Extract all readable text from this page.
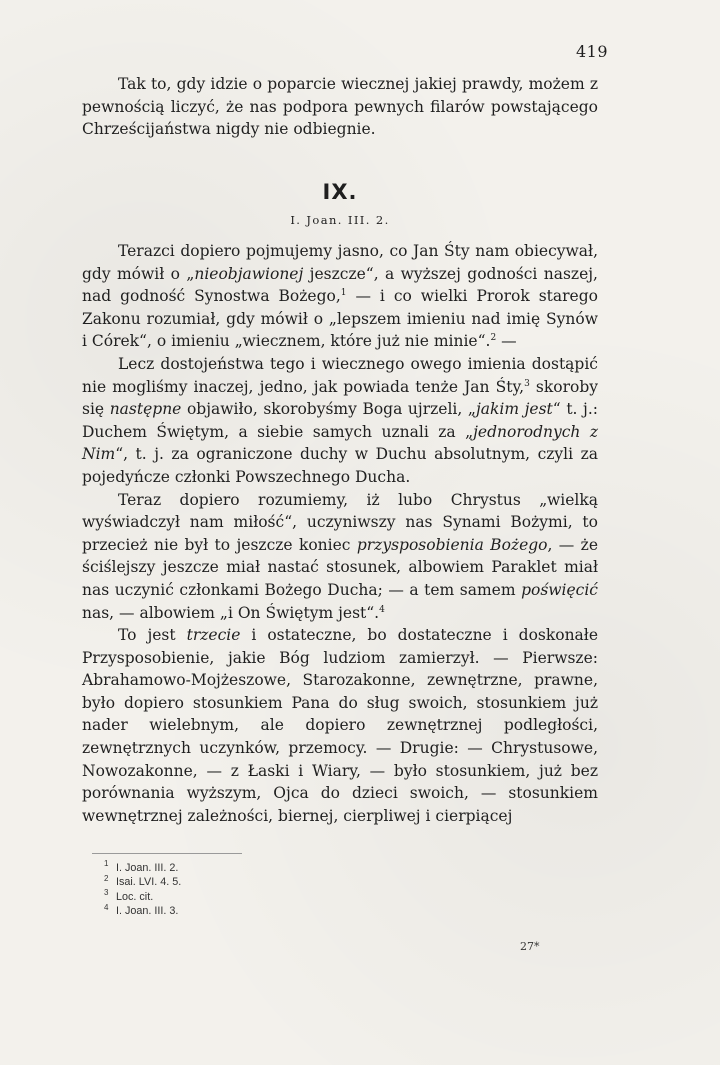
419

Tak to, gdy idzie o poparcie wiecznej jakiej prawdy, możem z pewnością liczyć, że nas podpora pewnych filarów powstającego Chrześcijaństwa nigdy nie odbiegnie.

IX.
I. Joan. III. 2.

Terazci dopiero pojmujemy jasno, co Jan Śty nam obiecywał, gdy mówił o „nieobjawionej jeszcze“, a wyższej godności naszej, nad godność Synostwa Bożego,$^1$ — i co wielki Prorok starego Zakonu rozumiał, gdy mówił o „lepszem imieniu nad imię Synów i Córek“, o imieniu „wiecznem, które już nie minie“.$^2$ —

Lecz dostojeństwa tego i wiecznego owego imienia dostąpić nie mogliśmy inaczej, jedno, jak powiada tenże Jan Śty,$^3$ skoroby się następne objawiło, skorobyśmy Boga ujrzeli, „jakim jest“ t. j.: Duchem Świętym, a siebie samych uznali za „jednorodnych z Nim“, t. j. za ograniczone duchy w Duchu absolutnym, czyli za pojedyńcze członki Powszechnego Ducha.

Teraz dopiero rozumiemy, iż lubo Chrystus „wielką wyświadczył nam miłość“, uczyniwszy nas Synami Bożymi, to przecież nie był to jeszcze koniec przysposobienia Bożego, — że ściślejszy jeszcze miał nastać stosunek, albowiem Paraklet miał nas uczynić członkami Bożego Ducha; — a tem samem poświęcić nas, — albowiem „i On Świętym jest“.$^4$

To jest trzecie i ostateczne, bo dostateczne i doskonałe Przysposobienie, jakie Bóg ludziom zamierzył. — Pierwsze: Abrahamowo-Mojżeszowe, Starozakonne, zewnętrzne, prawne, było dopiero stosunkiem Pana do sług swoich, stosunkiem już nader wielebnym, ale dopiero zewnętrznej podległości, zewnętrznych uczynków, przemocy. — Drugie: — Chrystusowe, Nowozakonne, — z Łaski i Wiary, — było stosunkiem, już bez porównania wyższym, Ojca do dzieci swoich, — stosunkiem wewnętrznej zależności, biernej, cierpliwej i cierpiącej

1 I. Joan. III. 2.
2 Isai. LVI. 4. 5.
3 Loc. cit.
4 I. Joan. III. 3.
27*
